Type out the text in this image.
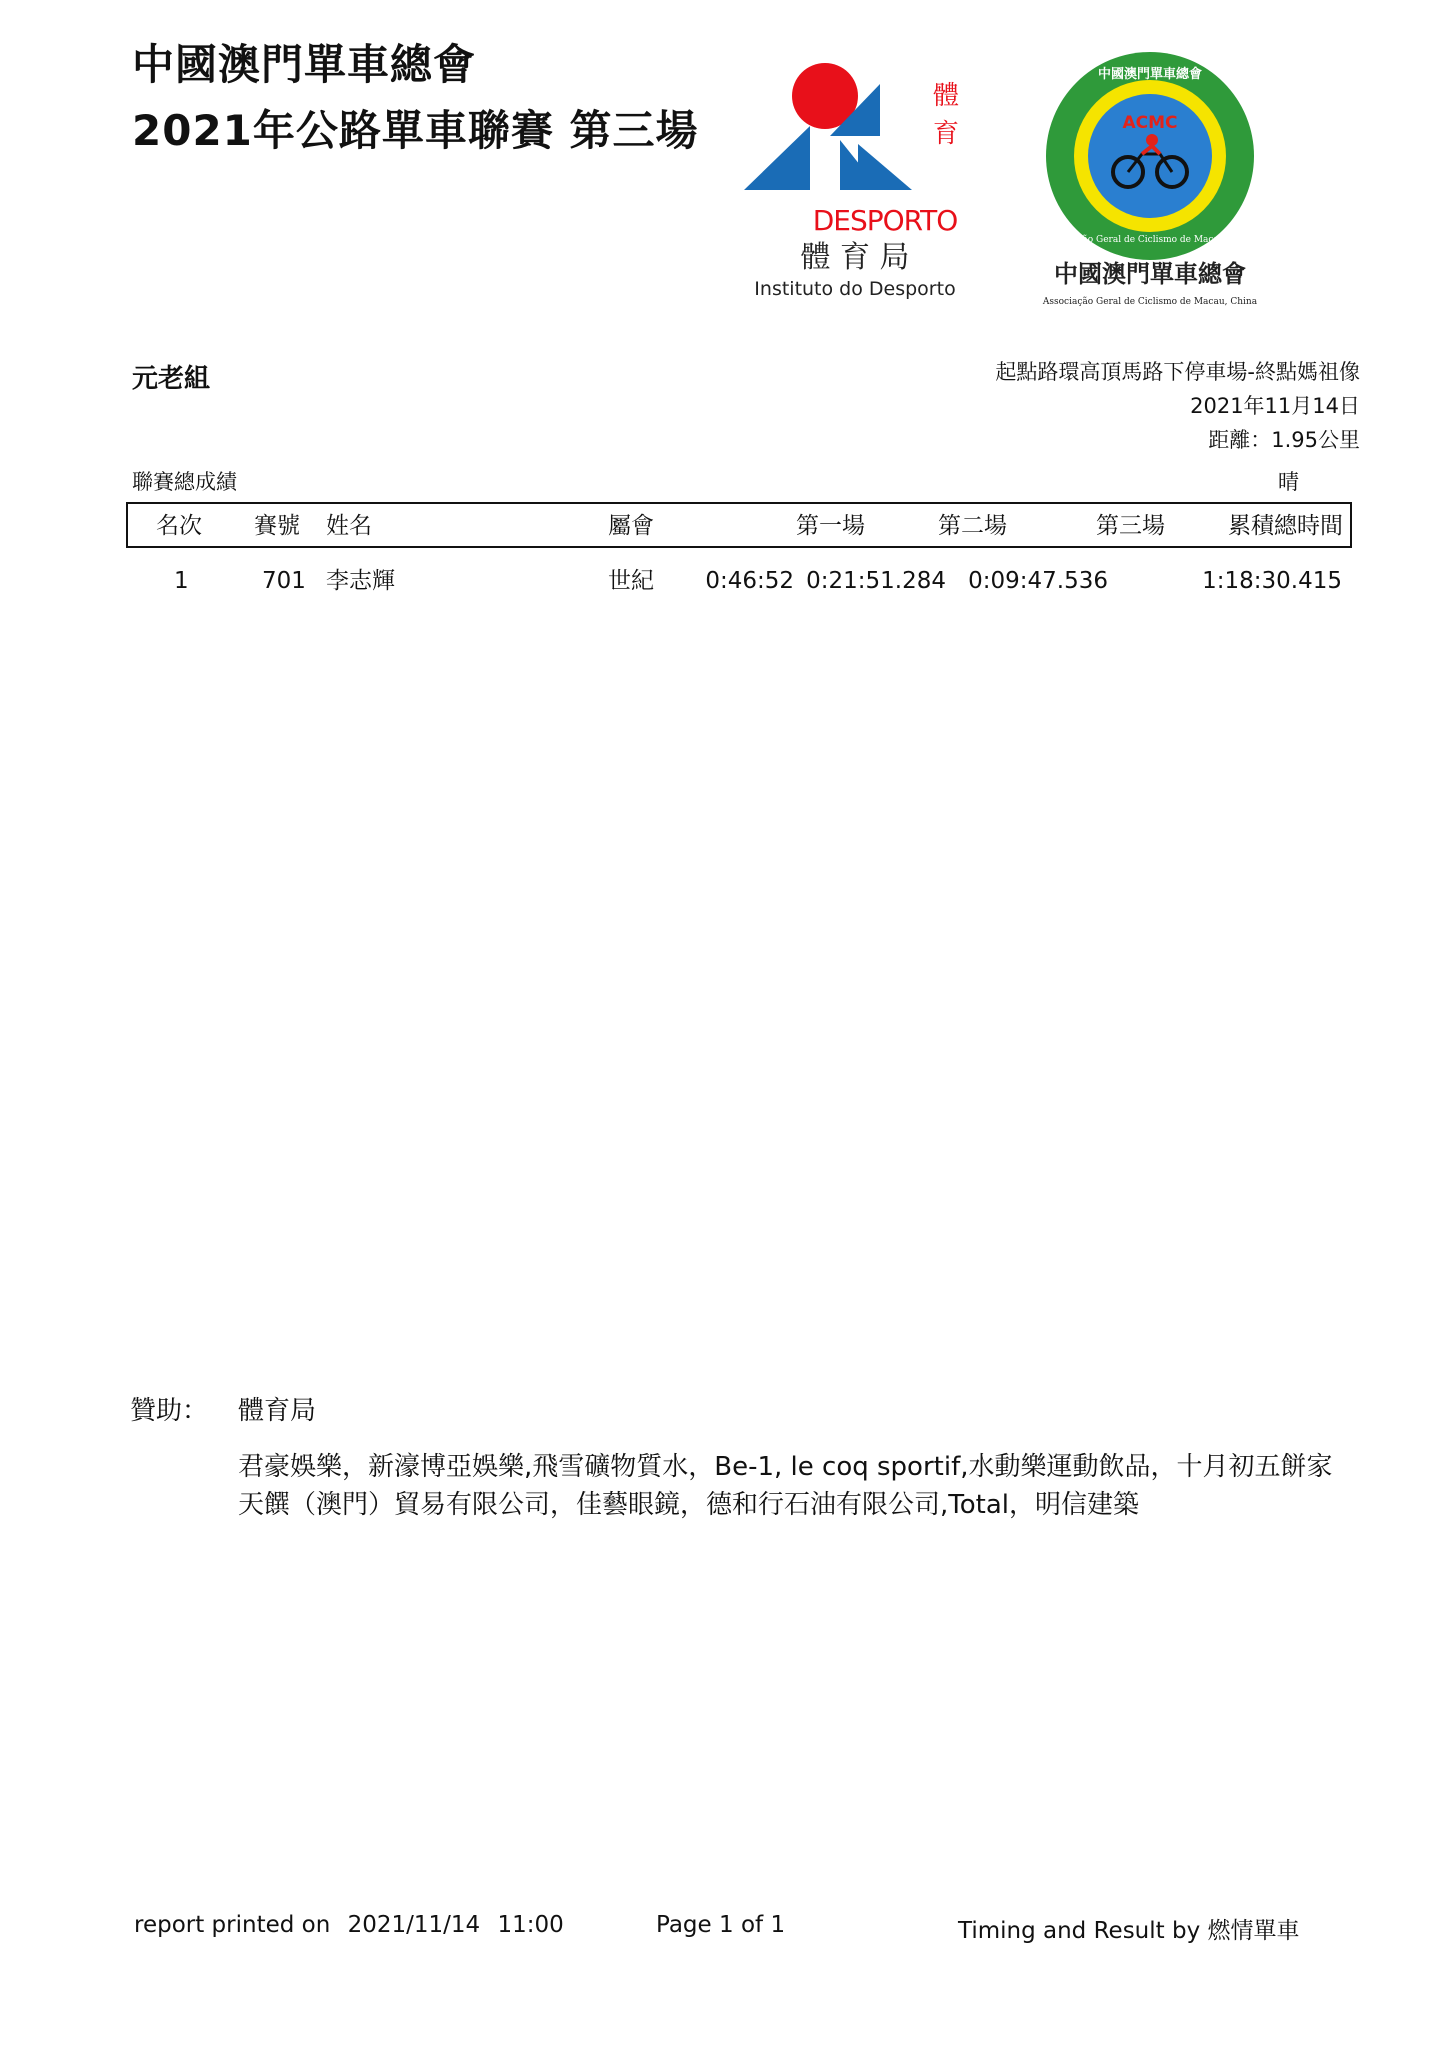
中國澳門單車總會
2021年公路單車聯賽 第三場
體
育
DESPORTO
體 育 局
Instituto do Desporto
中國澳門單車總會
ACMC
Associação Geral de Ciclismo de Macau, China
中國澳門單車總會
Associação Geral de Ciclismo de Macau, China
元老組	起點路環高頂馬路下停車場-終點媽祖像
2021年11月14日
距離：1.95公里
聯賽總成績	晴
名次 賽號 姓名	屬會	第一場	第二場	第三場	累積總時間
1	701 李志輝	世紀 0:46:52 0:21:51.284 0:09:47.536	1:18:30.415
贊助： 體育局
君豪娛樂，新濠博亞娛樂,飛雪礦物質水，Be-1, le coq sportif,水動樂運動飲品，十月初五餅家
天饌（澳門）貿易有限公司，佳藝眼鏡，德和行石油有限公司,Total，明信建築
report printed on 2021/11/14 11:00	Page 1 of 1	Timing and Result by 燃情單車
